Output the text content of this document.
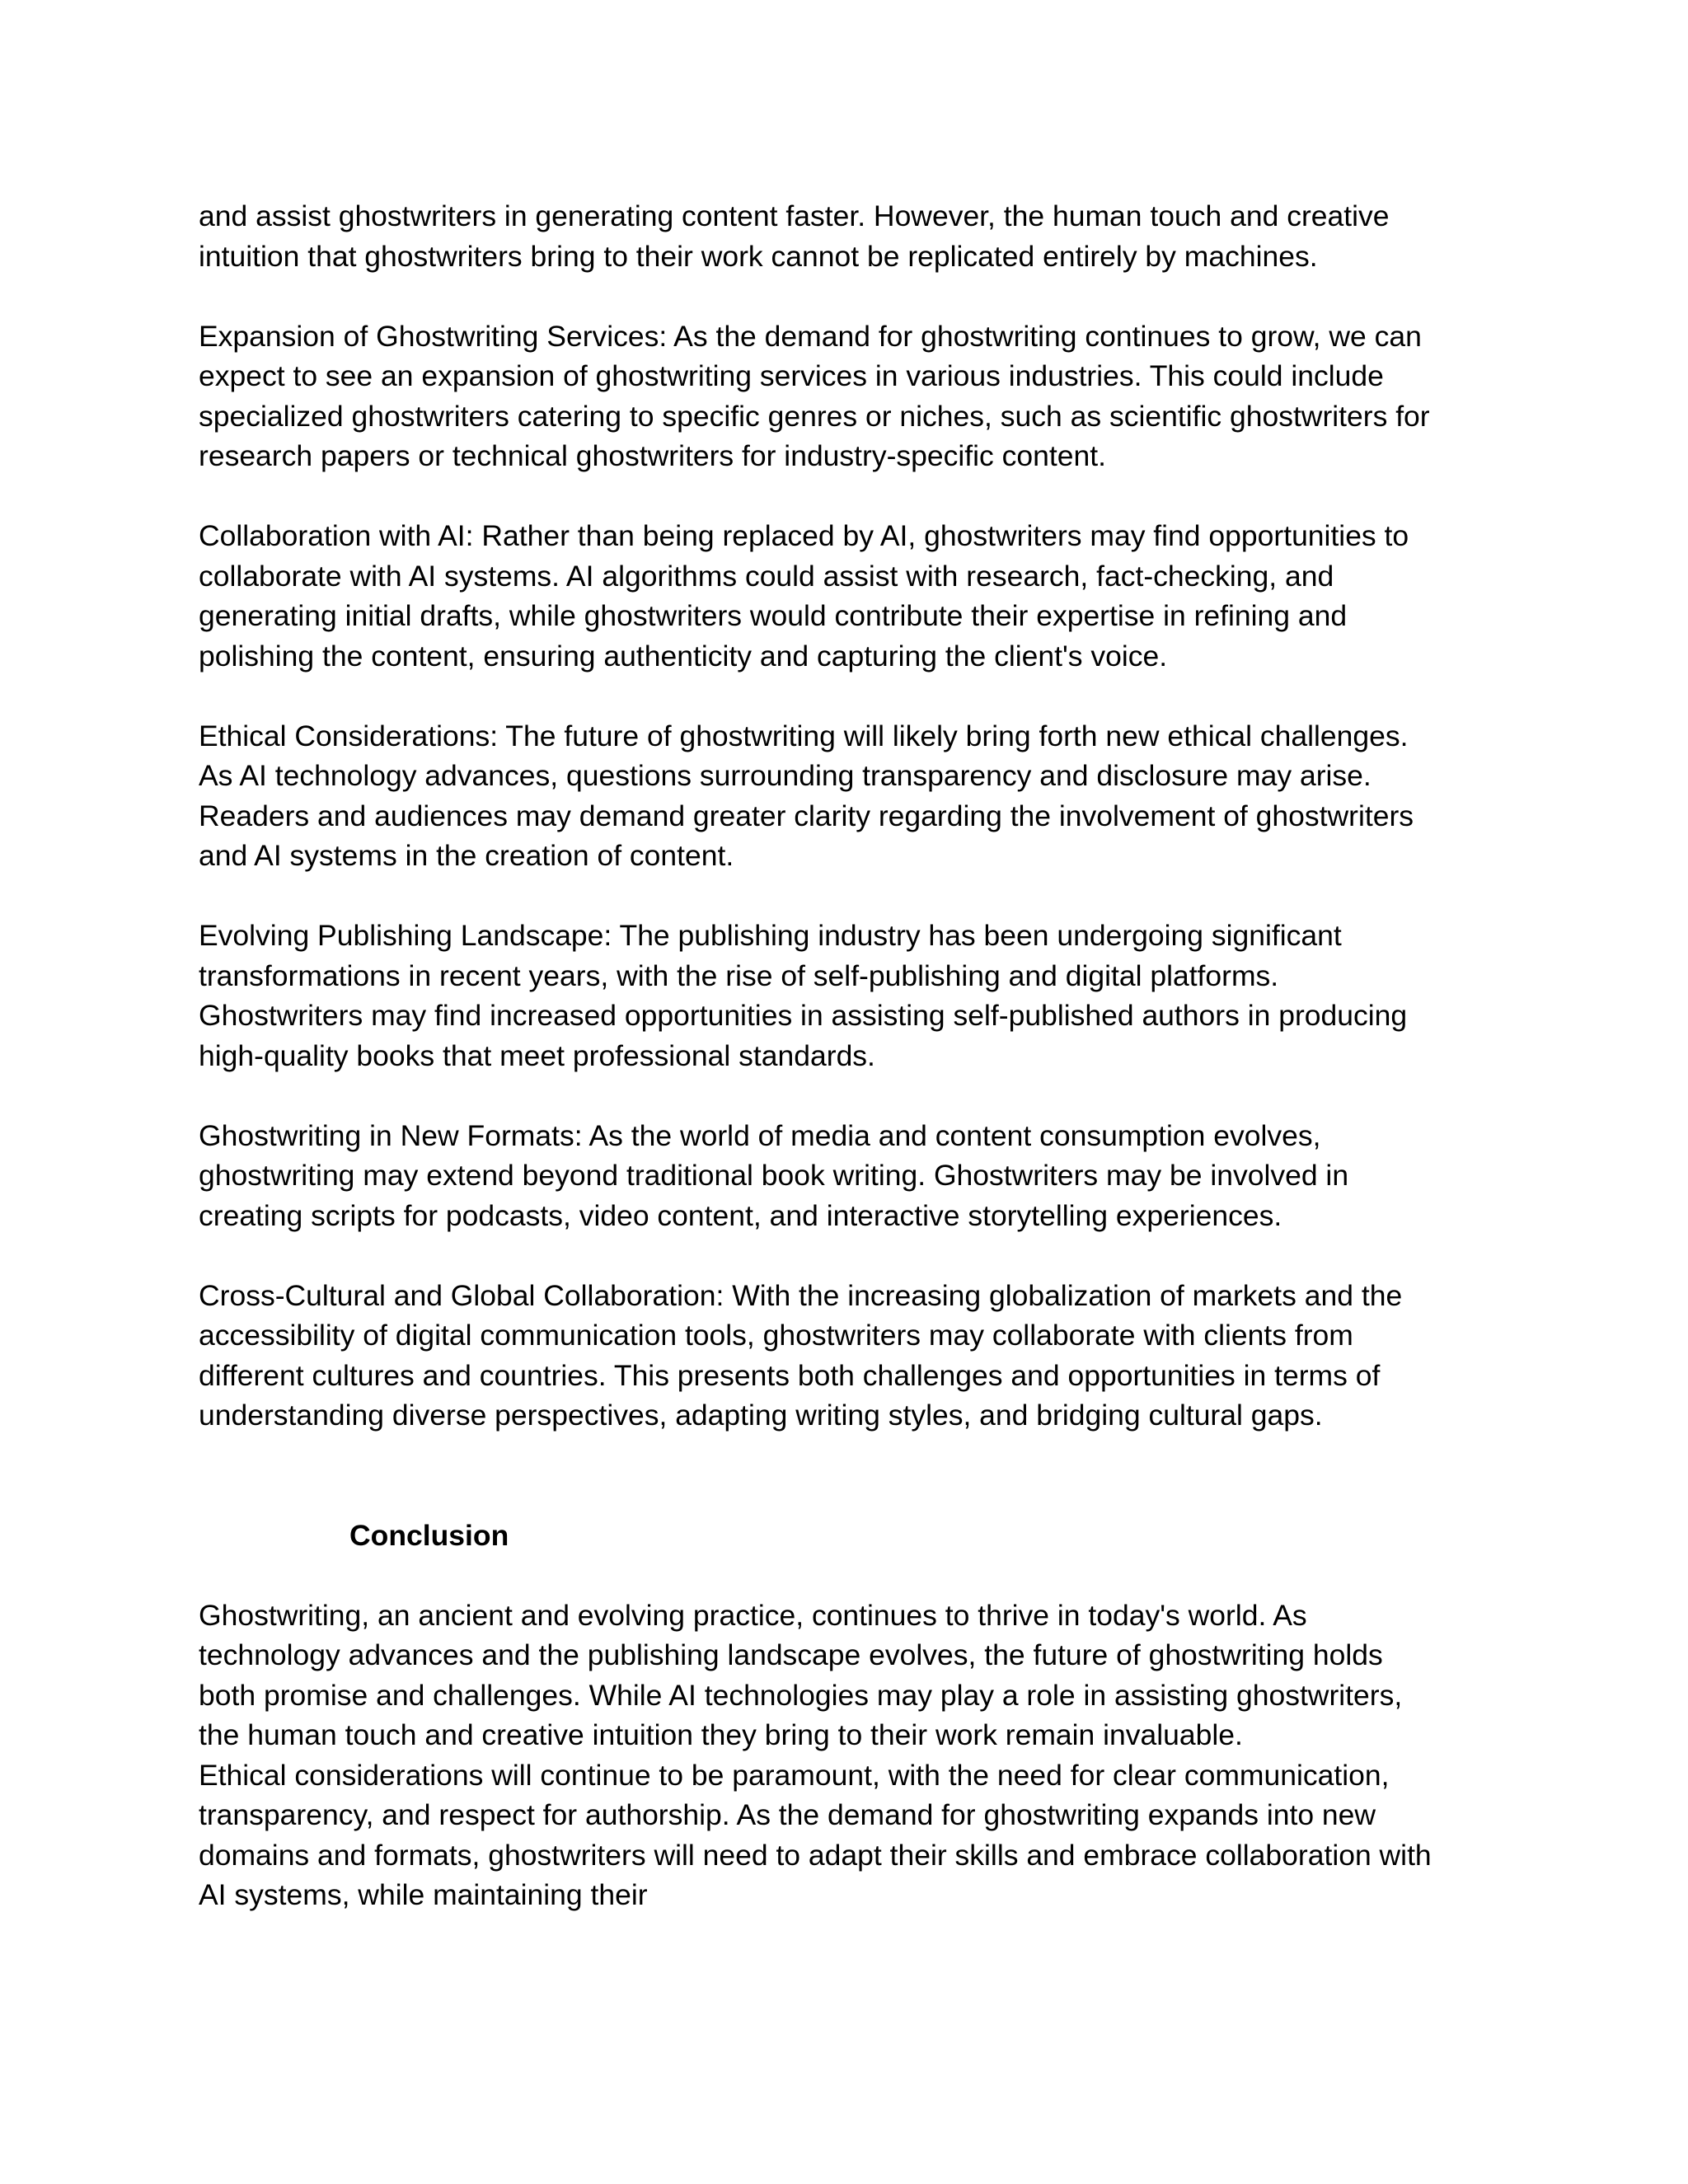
and assist ghostwriters in generating content faster. However, the human touch and creative
intuition that ghostwriters bring to their work cannot be replicated entirely by machines.

Expansion of Ghostwriting Services: As the demand for ghostwriting continues to grow, we can
expect to see an expansion of ghostwriting services in various industries. This could include
specialized ghostwriters catering to specific genres or niches, such as scientific ghostwriters for
research papers or technical ghostwriters for industry-specific content.

Collaboration with AI: Rather than being replaced by AI, ghostwriters may find opportunities to
collaborate with AI systems. AI algorithms could assist with research, fact-checking, and
generating initial drafts, while ghostwriters would contribute their expertise in refining and
polishing the content, ensuring authenticity and capturing the client's voice.

Ethical Considerations: The future of ghostwriting will likely bring forth new ethical challenges.
As AI technology advances, questions surrounding transparency and disclosure may arise.
Readers and audiences may demand greater clarity regarding the involvement of ghostwriters
and AI systems in the creation of content.

Evolving Publishing Landscape: The publishing industry has been undergoing significant
transformations in recent years, with the rise of self-publishing and digital platforms.
Ghostwriters may find increased opportunities in assisting self-published authors in producing
high-quality books that meet professional standards.

Ghostwriting in New Formats: As the world of media and content consumption evolves,
ghostwriting may extend beyond traditional book writing. Ghostwriters may be involved in
creating scripts for podcasts, video content, and interactive storytelling experiences.

Cross-Cultural and Global Collaboration: With the increasing globalization of markets and the
accessibility of digital communication tools, ghostwriters may collaborate with clients from
different cultures and countries. This presents both challenges and opportunities in terms of
understanding diverse perspectives, adapting writing styles, and bridging cultural gaps.

Conclusion

Ghostwriting, an ancient and evolving practice, continues to thrive in today's world. As
technology advances and the publishing landscape evolves, the future of ghostwriting holds
both promise and challenges. While AI technologies may play a role in assisting ghostwriters,
the human touch and creative intuition they bring to their work remain invaluable.

Ethical considerations will continue to be paramount, with the need for clear communication,
transparency, and respect for authorship. As the demand for ghostwriting expands into new
domains and formats, ghostwriters will need to adapt their skills and embrace collaboration with
AI systems, while maintaining their
